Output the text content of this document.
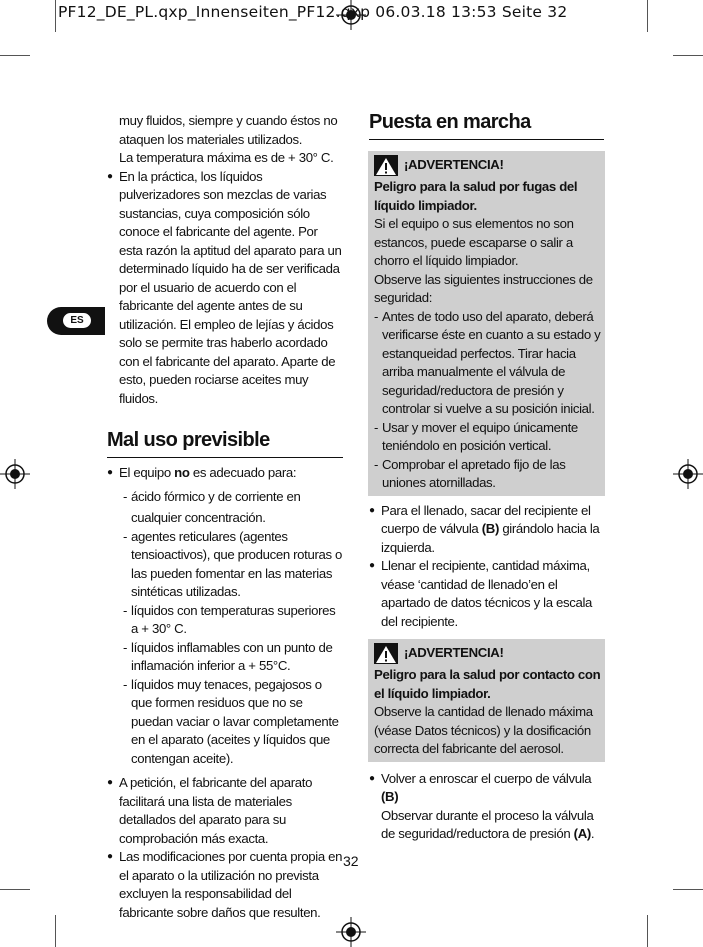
PF12_DE_PL.qxp_Innenseiten_PF12.qxp 06.03.18 13:53 Seite 32
ES

muy fluidos, siempre y cuando éstos no ataquen los materiales utilizados.

La temperatura máxima es de + 30° C.

● En la práctica, los líquidos pulverizadores son mezclas de varias sustancias, cuya composición sólo conoce el fabricante del agente. Por esta razón la aptitud del aparato para un determinado líquido ha de ser verificada por el usuario de acuerdo con el fabricante del agente antes de su utilización. El empleo de lejías y ácidos solo se permite tras haberlo acordado con el fabricante del aparato. Aparte de esto, pueden rociarse aceites muy fluidos.

Mal uso previsible

● El equipo no es adecuado para:

- ácido fórmico y de corriente en cualquier concentración.

- agentes reticulares (agentes tensioactivos), que producen roturas o las pueden fomentar en las materias sintéticas utilizadas.

- líquidos con temperaturas superiores a + 30° C.

- líquidos inflamables con un punto de inflamación inferior a + 55°C.

- líquidos muy tenaces, pegajosos o que formen residuos que no se puedan vaciar o lavar completamente en el aparato (aceites y líquidos que contengan aceite).

● A petición, el fabricante del aparato facilitará una lista de materiales detallados del aparato para su comprobación más exacta.

● Las modificaciones por cuenta propia en el aparato o la utilización no prevista excluyen la responsabilidad del fabricante sobre daños que resulten.

Puesta en marcha
¡ADVERTENCIA!

Peligro para la salud por fugas del líquido limpiador.

Si el equipo o sus elementos no son estancos, puede escaparse o salir a chorro el líquido limpiador.

Observe las siguientes instrucciones de seguridad:

- Antes de todo uso del aparato, deberá verificarse éste en cuanto a su estado y estanqueidad perfectos. Tirar hacia arriba manualmente el válvula de seguridad/reductora de presión y controlar si vuelve a su posición inicial.

- Usar y mover el equipo únicamente teniéndolo en posición vertical.

- Comprobar el apretado fijo de las uniones atornilladas.

● Para el llenado, sacar del recipiente el cuerpo de válvula (B) girándolo hacia la izquierda.

● Llenar el recipiente, cantidad máxima, véase ‘cantidad de llenado’en el apartado de datos técnicos y la escala del recipiente.

¡ADVERTENCIA!

Peligro para la salud por contacto con el líquido limpiador.

Observe la cantidad de llenado máxima (véase Datos técnicos) y la dosificación correcta del fabricante del aerosol.

● Volver a enroscar el cuerpo de válvula (B)
Observar durante el proceso la válvula de seguridad/reductora de presión (A).

32
